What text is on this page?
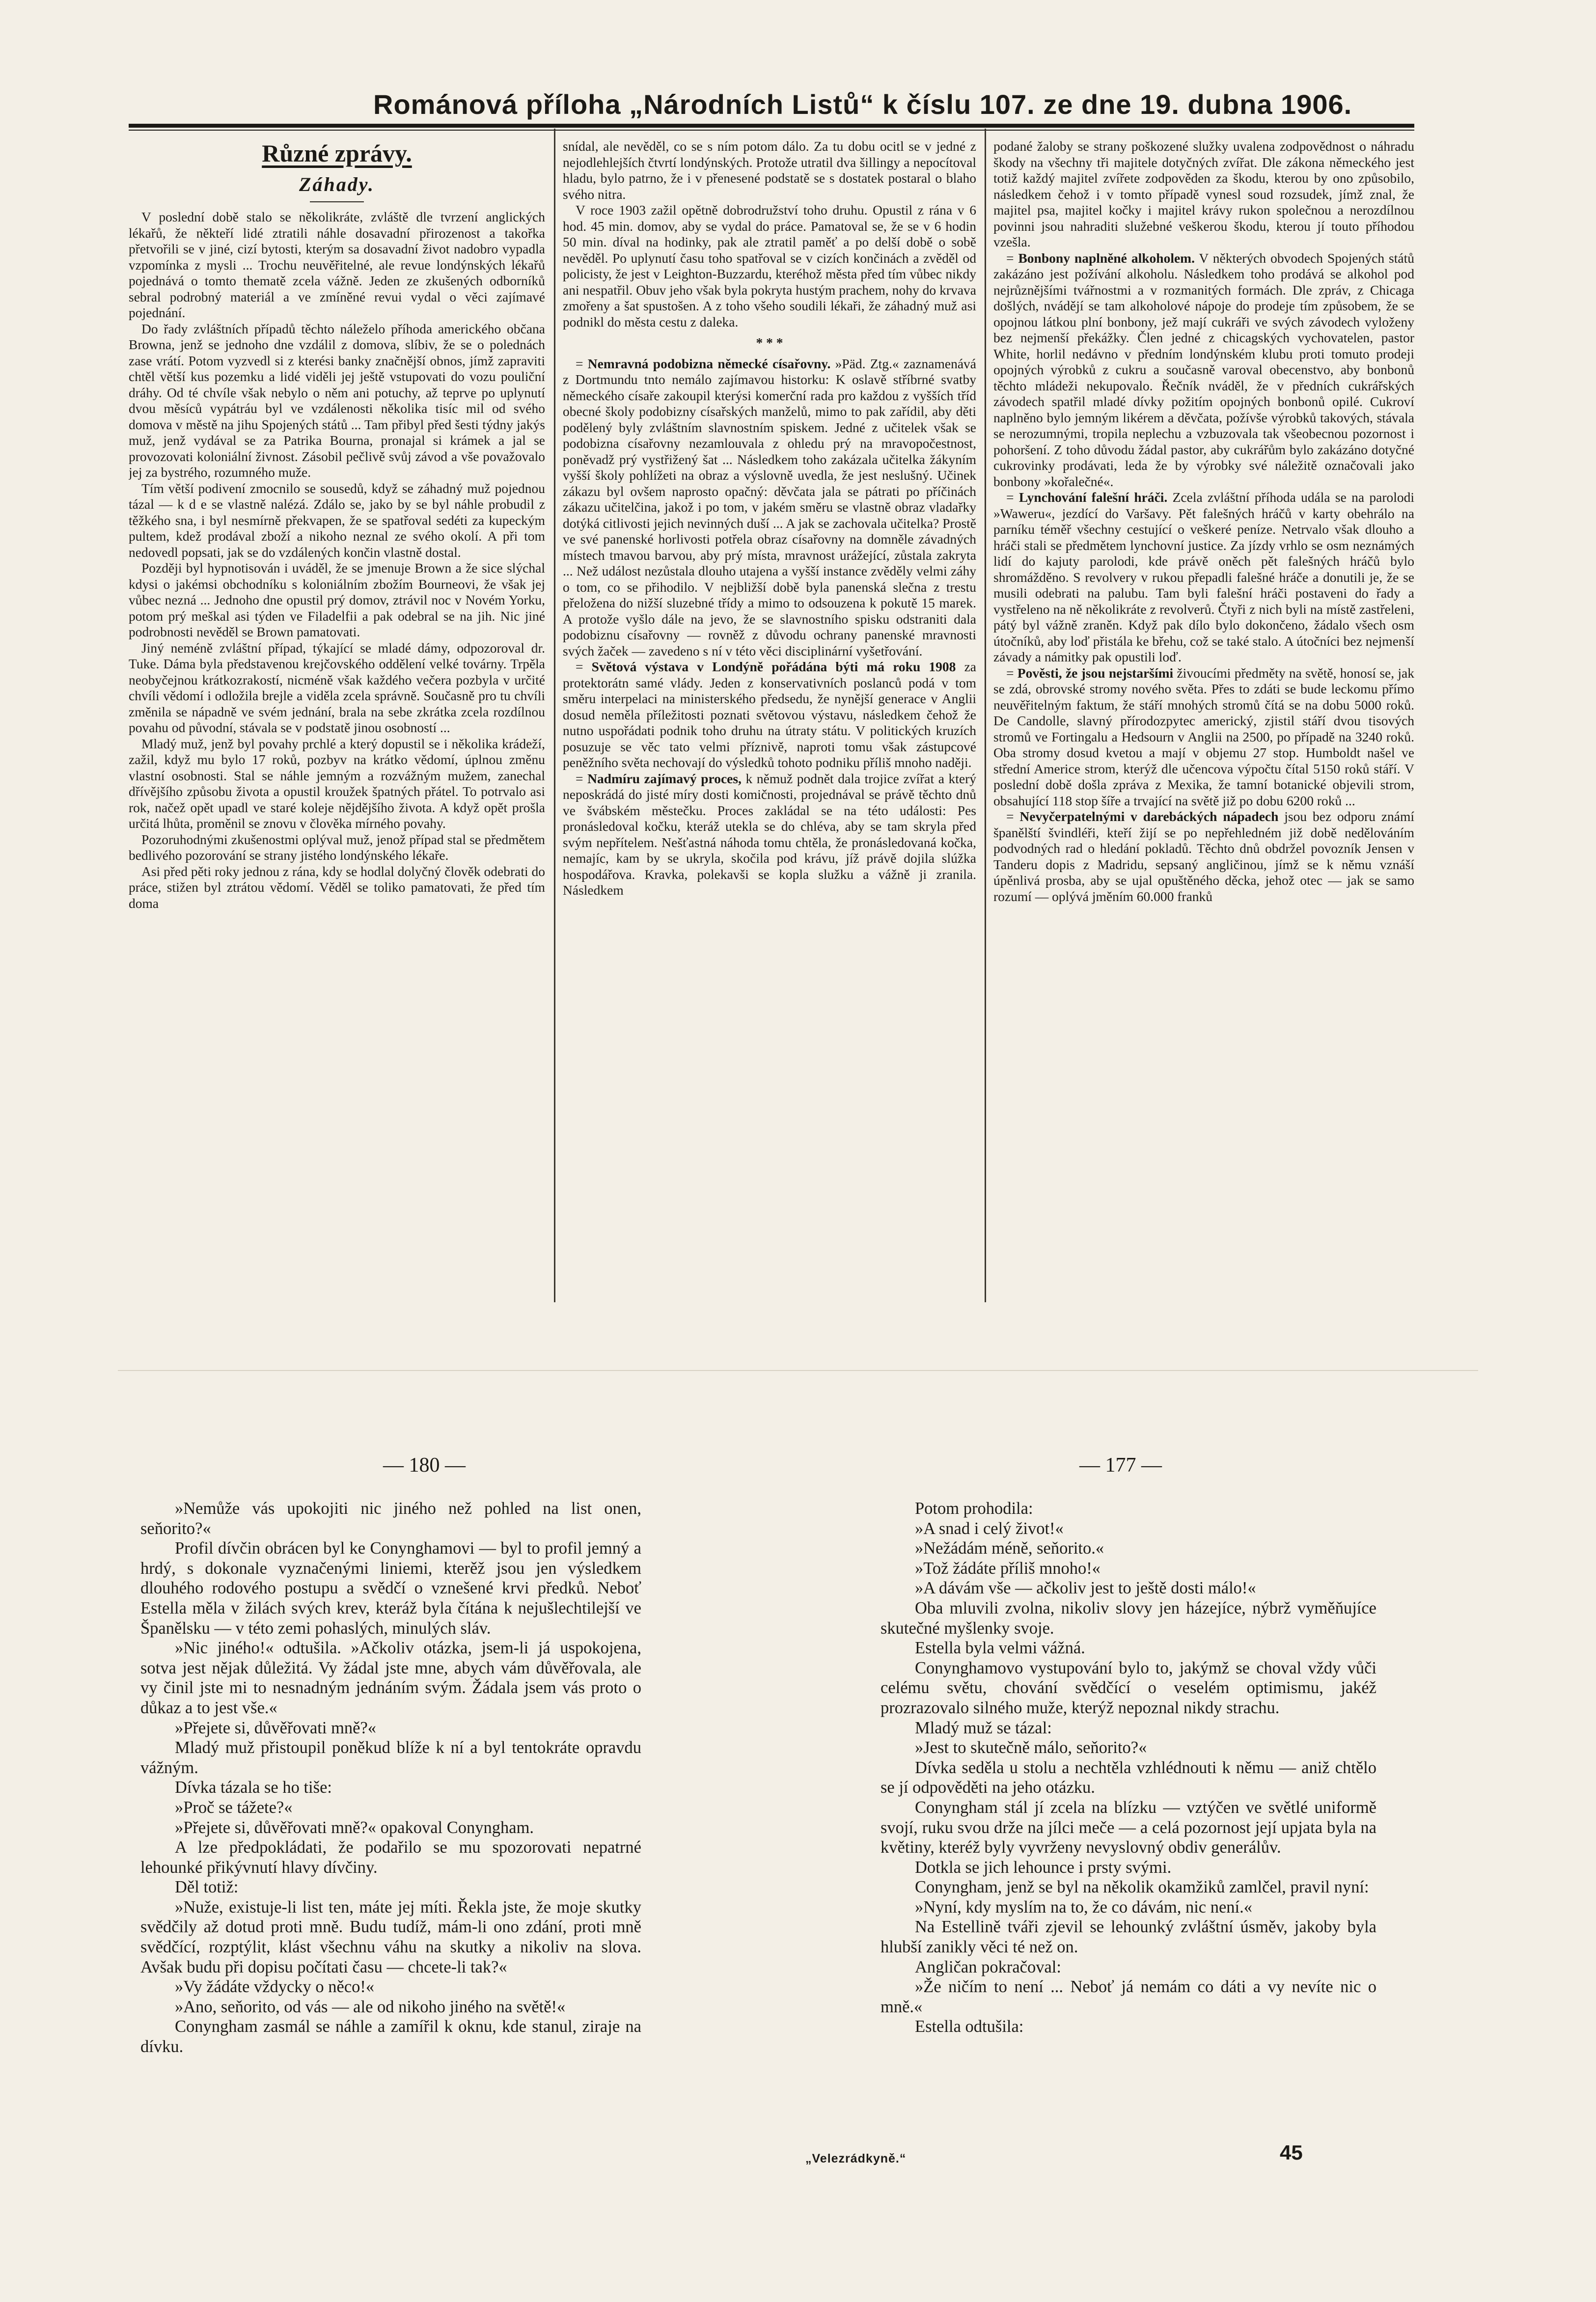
Románová příloha „Národních Listů“ k číslu 107. ze dne 19. dubna 1906.
Různé zprávy.
Záhady.

V poslední době stalo se několikráte, zvláště dle tvrzení anglických lékařů, že někteří lidé ztratili náhle dosavadní přirozenost a takořka přetvořili se v jiné, cizí bytosti, kterým sa dosavadní život nadobro vypadla vzpomínka z mysli ... Trochu neuvěřitelné, ale revue londýnských lékařů pojednává o tomto thematě zcela vážně. Jeden ze zkušených odborníků sebral podrobný materiál a ve zmíněné revui vydal o věci zajímavé pojednání.

Do řady zvláštních případů těchto náleželo příhoda amerického občana Browna, jenž se jednoho dne vzdálil z domova, slíbiv, že se o polednách zase vrátí. Potom vyzvedl si z kterési banky značnější obnos, jímž zapraviti chtěl větší kus pozemku a lidé viděli jej ještě vstupovati do vozu pouliční dráhy. Od té chvíle však nebylo o něm ani potuchy, až teprve po uplynutí dvou měsíců vypátráu byl ve vzdálenosti několika tisíc mil od svého domova v městě na jihu Spojených států ... Tam přibyl před šesti týdny jakýs muž, jenž vydával se za Patrika Bourna, pronajal si krámek a jal se provozovati koloniální živnost. Zásobil pečlivě svůj závod a vše považovalo jej za bystrého, rozumného muže.

Tím větší podivení zmocnilo se sousedů, když se záhadný muž pojednou tázal — k d e se vlastně nalézá. Zdálo se, jako by se byl náhle probudil z těžkého sna, i byl nesmírně překvapen, že se spatřoval sedéti za kupeckým pultem, kdež prodával zboží a nikoho neznal ze svého okolí. A při tom nedovedl popsati, jak se do vzdálených končin vlastně dostal.

Později byl hypnotisován i uváděl, že se jmenuje Brown a že sice slýchal kdysi o jakémsi obchodníku s koloniálním zbožím Bourneovi, že však jej vůbec nezná ... Jednoho dne opustil prý domov, ztrávil noc v Novém Yorku, potom prý meškal asi týden ve Filadelfii a pak odebral se na jih. Nic jiné podrobnosti nevěděl se Brown pamatovati.

Jiný neméně zvláštní případ, týkající se mladé dámy, odpozoroval dr. Tuke. Dáma byla představenou krejčovského oddělení velké továrny. Trpěla neobyčejnou krátkozrakostí, nicméně však každého večera pozbyla v určité chvíli vědomí i odložila brejle a viděla zcela správně. Současně pro tu chvíli změnila se nápadně ve svém jednání, brala na sebe zkrátka zcela rozdílnou povahu od původní, stávala se v podstatě jinou osobností ...

Mladý muž, jenž byl povahy prchlé a který dopustil se i několika krádeží, zažil, když mu bylo 17 roků, pozbyv na krátko vědomí, úplnou změnu vlastní osobnosti. Stal se náhle jemným a rozvážným mužem, zanechal dřívějšího způsobu života a opustil kroužek špatných přátel. To potrvalo asi rok, načež opět upadl ve staré koleje nějdějšího života. A když opět prošla určitá lhůta, proměnil se znovu v člověka mírného povahy.

Pozoruhodnými zkušenostmi oplýval muž, jenož případ stal se předmětem bedlivého pozorování se strany jistého londýnského lékaře.

Asi před pěti roky jednou z rána, kdy se hodlal dolyčný člověk odebrati do práce, stižen byl ztrátou vědomí. Věděl se toliko pamatovati, že před tím doma

snídal, ale nevěděl, co se s ním potom dálo. Za tu dobu ocitl se v jedné z nejodlehlejších čtvrtí londýnských. Protože utratil dva šillingy a nepocítoval hladu, bylo patrno, že i v přenesené podstatě se s dostatek postaral o blaho svého nitra.

V roce 1903 zažil opětně dobrodružství toho druhu. Opustil z rána v 6 hod. 45 min. domov, aby se vydal do práce. Pamatoval se, že se v 6 hodin 50 min. díval na hodinky, pak ale ztratil paměť a po delší době o sobě nevěděl. Po uplynutí času toho spatřoval se v cizích končinách a zvěděl od policisty, že jest v Leighton-Buzzardu, kteréhož města před tím vůbec nikdy ani nespatřil. Obuv jeho však byla pokryta hustým prachem, nohy do krvava zmořeny a šat spustošen. A z toho všeho soudili lékaři, že záhadný muž asi podnikl do města cestu z daleka.

* * *

= Nemravná podobizna německé císařovny. »Päd. Ztg.« zaznamenává z Dortmundu tnto nemálo zajímavou historku: K oslavě stříbrné svatby německého císaře zakoupil kterýsi komerční rada pro každou z vyšších tříd obecné školy podobizny císařských manželů, mimo to pak zařídil, aby děti podělený byly zvláštním slavnostním spiskem. Jedné z učitelek však se podobizna císařovny nezamlouvala z ohledu prý na mravopočestnost, poněvadž prý vystřižený šat ... Následkem toho zakázala učitelka žákyním vyšší školy pohlížeti na obraz a výslovně uvedla, že jest neslušný. Učinek zákazu byl ovšem naprosto opačný: děvčata jala se pátrati po příčinách zákazu učitelčina, jakož i po tom, v jakém směru se vlastně obraz vladařky dotýká citlivosti jejich nevinných duší ... A jak se zachovala učitelka? Prostě ve své panenské horlivosti potřela obraz císařovny na domněle závadných místech tmavou barvou, aby prý místa, mravnost urážející, zůstala zakryta ... Než událost nezůstala dlouho utajena a vyšší instance zvěděly velmi záhy o tom, co se přihodilo. V nejbližší době byla panenská slečna z trestu přeložena do nižší sluzebné třídy a mimo to odsouzena k pokutě 15 marek. A protože vyšlo dále na jevo, že se slavnostního spisku odstraniti dala podobiznu císařovny — rovněž z důvodu ochrany panenské mravnosti svých žaček — zavedeno s ní v této věci disciplinární vyšetřování.

= Světová výstava v Londýně pořádána býti má roku 1908 za protektorátn samé vlády. Jeden z konservativních poslanců podá v tom směru interpelaci na ministerského předsedu, že nynější generace v Anglii dosud neměla příležitosti poznati světovou výstavu, následkem čehož že nutno uspořádati podnik toho druhu na útraty státu. V politických kruzích posuzuje se věc tato velmi příznivě, naproti tomu však zástupcové peněžního světa nechovají do výsledků tohoto podniku příliš mnoho naději.

= Nadmíru zajímavý proces, k němuž podnět dala trojice zvířat a který neposkrádá do jisté míry dosti komičnosti, projednával se právě těchto dnů ve švábském městečku. Proces zakládal se na této události: Pes pronásledoval kočku, kteráž utekla se do chléva, aby se tam skryla před svým nepřítelem. Nešťastná náhoda tomu chtěla, že pronásledovaná kočka, nemajíc, kam by se ukryla, skočila pod krávu, jíž právě dojila slúžka hospodářova. Kravka, polekavši se kopla služku a vážně ji zranila. Následkem

podané žaloby se strany poškozené služky uvalena zodpovědnost o náhradu škody na všechny tři majitele dotyčných zvířat. Dle zákona německého jest totiž každý majitel zvířete zodpověden za škodu, kterou by ono způsobilo, následkem čehož i v tomto případě vynesl soud rozsudek, jímž znal, že majitel psa, majitel kočky i majitel krávy rukon společnou a nerozdílnou povinni jsou nahraditi služebné veškerou škodu, kterou jí touto příhodou vzešla.

= Bonbony naplněné alkoholem. V některých obvodech Spojených států zakázáno jest požívání alkoholu. Následkem toho prodává se alkohol pod nejrůznějšími tvářnostmi a v rozmanitých formách. Dle zpráv, z Chicaga došlých, nvádějí se tam alkoholové nápoje do prodeje tím způsobem, že se opojnou látkou plní bonbony, jež mají cukráři ve svých závodech vyloženy bez nejmenší překážky. Člen jedné z chicagských vychovatelen, pastor White, horlil nedávno v předním londýnském klubu proti tomuto prodeji opojných výrobků z cukru a současně varoval obecenstvo, aby bonbonů těchto mládeži nekupovalo. Řečník nváděl, že v předních cukrářských závodech spatřil mladé dívky požitím opojných bonbonů opilé. Cukroví naplněno bylo jemným likérem a děvčata, požívše výrobků takových, stávala se nerozumnými, tropila neplechu a vzbuzovala tak všeobecnou pozornost i pohoršení. Z toho důvodu žádal pastor, aby cukrářům bylo zakázáno dotyčné cukrovinky prodávati, leda že by výrobky své náležitě označovali jako bonbony »kořalečné«.

= Lynchování falešní hráči. Zcela zvláštní příhoda udála se na parolodi »Waweru«, jezdící do Varšavy. Pět falešných hráčů v karty obehrálo na parníku téměř všechny cestující o veškeré peníze. Netrvalo však dlouho a hráči stali se předmětem lynchovní justice. Za jízdy vrhlo se osm neznámých lidí do kajuty parolodi, kde právě oněch pět falešných hráčů bylo shromážděno. S revolvery v rukou přepadli falešné hráče a donutili je, že se musili odebrati na palubu. Tam byli falešní hráči postaveni do řady a vystřeleno na ně několikráte z revolverů. Čtyři z nich byli na místě zastřeleni, pátý byl vážně zraněn. Když pak dílo bylo dokončeno, žádalo všech osm útočníků, aby loď přistála ke břehu, což se také stalo. A útočníci bez nejmenší závady a námitky pak opustili loď.

= Pověsti, že jsou nejstaršími živoucími předměty na světě, honosí se, jak se zdá, obrovské stromy nového světa. Přes to zdáti se bude leckomu přímo neuvěřitelným faktum, že stáří mnohých stromů čítá se na dobu 5000 roků. De Candolle, slavný přírodozpytec americký, zjistil stáří dvou tisových stromů ve Fortingalu a Hedsourn v Anglii na 2500, po případě na 3240 roků. Oba stromy dosud kvetou a mají v objemu 27 stop. Humboldt našel ve střední Americe strom, kterýž dle učencova výpočtu čítal 5150 roků stáří. V poslední době došla zpráva z Mexika, že tamní botanické objevili strom, obsahující 118 stop šíře a trvající na světě již po dobu 6200 roků ...

= Nevyčerpatelnými v darebáckých nápadech jsou bez odporu známí španělští švindléři, kteří žijí se po nepřehledném již době nedělováním podvodných rad o hledání pokladů. Těchto dnů obdržel povozník Jensen v Tanderu dopis z Madridu, sepsaný angličinou, jímž se k němu vznáší úpěnlivá prosba, aby se ujal opuštěného děcka, jehož otec — jak se samo rozumí — oplývá jměním 60.000 franků

— 180 —	— 177 —

»Nemůže vás upokojiti nic jiného než pohled na list onen, seňorito?«

Profil dívčin obrácen byl ke Conynghamovi — byl to profil jemný a hrdý, s dokonale vyznačenými liniemi, kterěž jsou jen výsledkem dlouhého rodového postupu a svědčí o vznešené krvi předků. Neboť Estella měla v žilách svých krev, kteráž byla čítána k nejušlechtilejší ve Španělsku — v této zemi pohaslých, minulých sláv.

»Nic jiného!« odtušila. »Ačkoliv otázka, jsem-li já uspokojena, sotva jest nějak důležitá. Vy žádal jste mne, abych vám důvěřovala, ale vy činil jste mi to nesnadným jednáním svým. Žádala jsem vás proto o důkaz a to jest vše.«

»Přejete si, důvěřovati mně?«

Mladý muž přistoupil poněkud blíže k ní a byl tentokráte opravdu vážným.

Dívka tázala se ho tiše:

»Proč se tážete?«

»Přejete si, důvěřovati mně?« opakoval Conyngham.

A lze předpokládati, že podařilo se mu spozorovati nepatrné lehounké přikývnutí hlavy dívčiny.

Děl totiž:

»Nuže, existuje-li list ten, máte jej míti. Řekla jste, že moje skutky svědčily až dotud proti mně. Budu tudíž, mám-li ono zdání, proti mně svědčící, rozptýlit, klást všechnu váhu na skutky a nikoliv na slova. Avšak budu při dopisu počítati času — chcete-li tak?«

»Vy žádáte vždycky o něco!«

»Ano, seňorito, od vás — ale od nikoho jiného na světě!«

Conyngham zasmál se náhle a zamířil k oknu, kde stanul, ziraje na dívku.

Potom prohodila:

»A snad i celý život!«

»Nežádám méně, seňorito.«

»Tož žádáte příliš mnoho!«

»A dávám vše — ačkoliv jest to ještě dosti málo!«

Oba mluvili zvolna, nikoliv slovy jen házejíce, nýbrž vyměňujíce skutečné myšlenky svoje.

Estella byla velmi vážná.

Conynghamovo vystupování bylo to, jakýmž se choval vždy vůči celému světu, chování svědčící o veselém optimismu, jakéž prozrazovalo silného muže, kterýž nepoznal nikdy strachu.

Mladý muž se tázal:

»Jest to skutečně málo, seňorito?«

Dívka seděla u stolu a nechtěla vzhlédnouti k němu — aniž chtělo se jí odpověděti na jeho otázku.

Conyngham stál jí zcela na blízku — vztýčen ve světlé uniformě svojí, ruku svou drže na jílci meče — a celá pozornost její upjata byla na květiny, kteréž byly vyvrženy nevyslovný obdiv generálův.

Dotkla se jich lehounce i prsty svými.

Conyngham, jenž se byl na několik okamžiků zamlčel, pravil nyní:

»Nyní, kdy myslím na to, že co dávám, nic není.«

Na Estellině tváři zjevil se lehounký zvláštní úsměv, jakoby byla hlubší zanikly věci té než on.

Angličan pokračoval:

»Že ničím to není ... Neboť já nemám co dáti a vy nevíte nic o mně.«

Estella odtušila:

„Velezrádkyně.“	45
